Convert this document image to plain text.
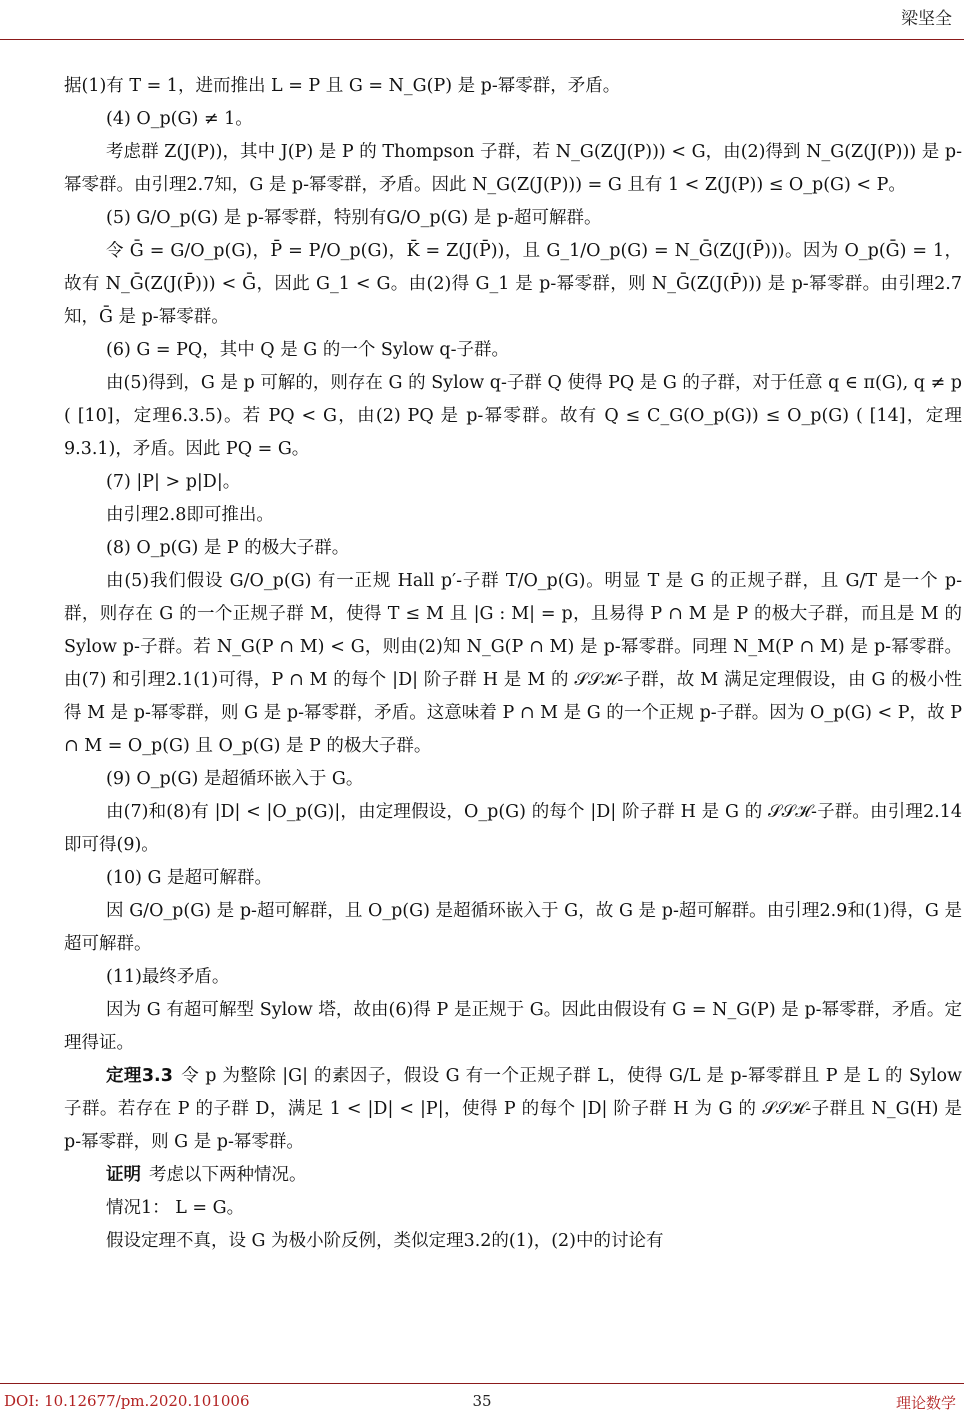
梁坚全

据(1)有 T = 1，进而推出 L = P 且 G = N_G(P) 是 p-幂零群，矛盾。

(4) O_p(G) ≠ 1。

考虑群 Z(J(P))，其中 J(P) 是 P 的 Thompson 子群，若 N_G(Z(J(P))) < G，由(2)得到 N_G(Z(J(P))) 是 p-幂零群。由引理2.7知，G 是 p-幂零群，矛盾。因此 N_G(Z(J(P))) = G 且有 1 < Z(J(P)) ≤ O_p(G) < P。

(5) G/O_p(G) 是 p-幂零群，特别有G/O_p(G) 是 p-超可解群。

令 Ḡ = G/O_p(G)，P̄ = P/O_p(G)，K̄ = Z(J(P̄))，且 G_1/O_p(G) = N_Ḡ(Z(J(P̄)))。因为 O_p(Ḡ) = 1，故有 N_Ḡ(Z(J(P̄))) < Ḡ，因此 G_1 < G。由(2)得 G_1 是 p-幂零群，则 N_Ḡ(Z(J(P̄))) 是 p-幂零群。由引理2.7知，Ḡ 是 p-幂零群。

(6) G = PQ，其中 Q 是 G 的一个 Sylow q-子群。

由(5)得到，G 是 p 可解的，则存在 G 的 Sylow q-子群 Q 使得 PQ 是 G 的子群，对于任意 q ∈ π(G), q ≠ p ( [10]，定理6.3.5)。若 PQ < G，由(2) PQ 是 p-幂零群。故有 Q ≤ C_G(O_p(G)) ≤ O_p(G) ( [14]，定理9.3.1)，矛盾。因此 PQ = G。

(7) |P| > p|D|。

由引理2.8即可推出。

(8) O_p(G) 是 P 的极大子群。

由(5)我们假设 G/O_p(G) 有一正规 Hall p′-子群 T/O_p(G)。明显 T 是 G 的正规子群，且 G/T 是一个 p-群，则存在 G 的一个正规子群 M，使得 T ≤ M 且 |G : M| = p，且易得 P ∩ M 是 P 的极大子群，而且是 M 的 Sylow p-子群。若 N_G(P ∩ M) < G，则由(2)知 N_G(P ∩ M) 是 p-幂零群。同理 N_M(P ∩ M) 是 p-幂零群。由(7) 和引理2.1(1)可得，P ∩ M 的每个 |D| 阶子群 H 是 M 的 𝒮𝒮ℋ-子群，故 M 满足定理假设，由 G 的极小性得 M 是 p-幂零群，则 G 是 p-幂零群，矛盾。这意味着 P ∩ M 是 G 的一个正规 p-子群。因为 O_p(G) < P，故 P ∩ M = O_p(G) 且 O_p(G) 是 P 的极大子群。

(9) O_p(G) 是超循环嵌入于 G。

由(7)和(8)有 |D| < |O_p(G)|，由定理假设，O_p(G) 的每个 |D| 阶子群 H 是 G 的 𝒮𝒮ℋ-子群。由引理2.14即可得(9)。

(10) G 是超可解群。

因 G/O_p(G) 是 p-超可解群，且 O_p(G) 是超循环嵌入于 G，故 G 是 p-超可解群。由引理2.9和(1)得，G 是超可解群。

(11)最终矛盾。

因为 G 有超可解型 Sylow 塔，故由(6)得 P 是正规于 G。因此由假设有 G = N_G(P) 是 p-幂零群，矛盾。定理得证。

定理3.3 令 p 为整除 |G| 的素因子，假设 G 有一个正规子群 L，使得 G/L 是 p-幂零群且 P 是 L 的 Sylow 子群。若存在 P 的子群 D，满足 1 < |D| < |P|，使得 P 的每个 |D| 阶子群 H 为 G 的 𝒮𝒮ℋ-子群且 N_G(H) 是 p-幂零群，则 G 是 p-幂零群。

证明 考虑以下两种情况。

情况1： L = G。

假设定理不真，设 G 为极小阶反例，类似定理3.2的(1)，(2)中的讨论有

DOI: 10.12677/pm.2020.101006	35	理论数学
